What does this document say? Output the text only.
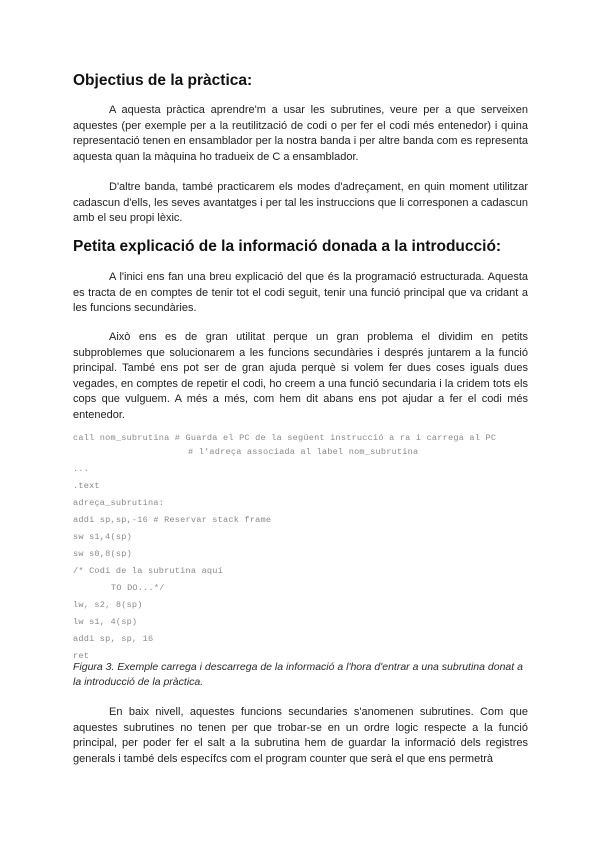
Objectius de la pràctica:

A aquesta pràctica aprendre'm a usar les subrutines, veure per a que serveixen aquestes (per exemple per a la reutilització de codi o per fer el codi més entenedor) i quina representació tenen en ensamblador per la nostra banda i per altre banda com es representa aquesta quan la màquina ho tradueix de C a ensamblador.

D'altre banda, també practicarem els modes d'adreçament, en quin moment utilitzar cadascun d'ells, les seves avantatges i per tal les instruccions que li corresponen a cadascun amb el seu propi lèxic.

Petita explicació de la informació donada a la introducció:

A l'inici ens fan una breu explicació del que és la programació estructurada. Aquesta es tracta de en comptes de tenir tot el codi seguit, tenir una funció principal que va cridant a les funcions secundàries.

Això ens es de gran utilitat perque un gran problema el dividim en petits subproblemes que solucionarem a les funcions secundàries i després juntarem a la funció principal. També ens pot ser de gran ajuda perquè si volem fer dues coses iguals dues vegades, en comptes de repetir el codi, ho creem a una funció secundaria i la cridem tots els cops que vulguem. A més a més, com hem dit abans ens pot ajudar a fer el codi més entenedor.

call nom_subrutina # Guarda el PC de la següent instrucció a ra i carrega al PC
# l'adreça associada al label nom_subrutina
...
.text
adreça_subrutina:
addi sp,sp,-16 # Reservar stack frame
sw s1,4(sp)
sw s0,8(sp)
/* Codi de la subrutina aquí
TO DO...*/
lw, s2, 8(sp)
lw s1, 4(sp)
addi sp, sp, 16
ret

Figura 3. Exemple carrega i descarrega de la informació a l'hora d'entrar a una subrutina donat a la introducció de la pràctica.

En baix nivell, aquestes funcions secundaries s'anomenen subrutines. Com que aquestes subrutines no tenen per que trobar-se en un ordre logic respecte a la funció principal, per poder fer el salt a la subrutina hem de guardar la informació dels registres generals i també dels específcs com el program counter que serà el que ens permetrà
